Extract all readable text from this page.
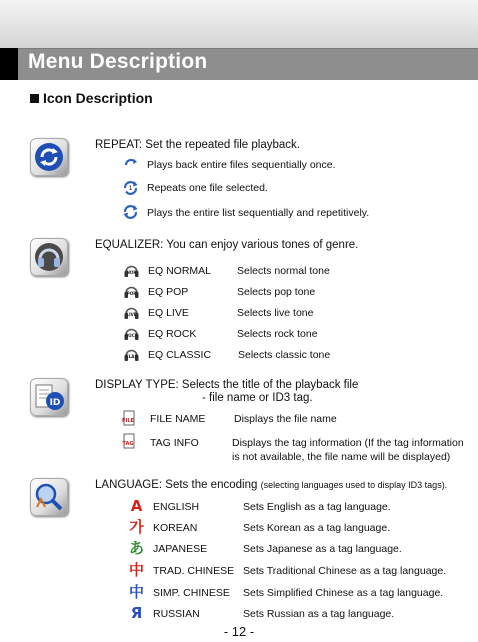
Menu Description
Icon Description
REPEAT: Set the repeated file playback.
Plays back entire files sequentially once.
1 Repeats one file selected.
Plays the entire list sequentially and repetitively.
EQUALIZER: You can enjoy various tones of genre.
NOR EQ NORMAL Selects normal tone
POP EQ POP	Selects pop tone
LIVE EQ LIVE	Selects live tone
ROCK EQ ROCK	Selects rock tone
CLAS EQ CLASSIC	Selects classic tone
ID
DISPLAY TYPE: Selects the title of the playback file
- file name or ID3 tag.
FILE FILE NAME	Displays the file name
TAG TAG INFO	Displays the tag information (If the tag information
is not available, the file name will be displayed)
LANGUAGE: Sets the encoding (selecting languages used to display ID3 tags).
A ENGLISH	Sets English as a tag language.
가 KOREAN	Sets Korean as a tag language.
あ JAPANESE	Sets Japanese as a tag language.
中 TRAD. CHINESE Sets Traditional Chinese as a tag language.
中 SIMP. CHINESE Sets Simplified Chinese as a tag language.
Я RUSSIAN	Sets Russian as a tag language.
- 12 -
